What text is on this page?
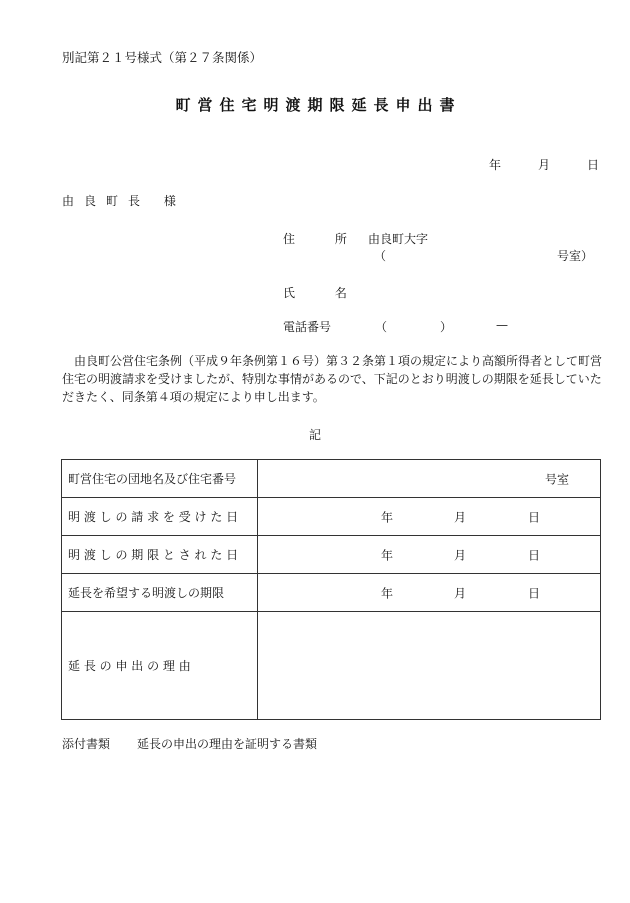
別記第２１号様式（第２７条関係）
町営住宅明渡期限延長申出書
年	月	日
由良町長 様
住 所 由良町大字
（	号室）
氏 名
電話番号	（	）	—
由良町公営住宅条例（平成９年条例第１６号）第３２条第１項の規定により高額所得者として町営住宅の明渡請求を受けましたが、特別な事情があるので、下記のとおり明渡しの期限を延長していただきたく、同条第４項の規定により申し出ます。
記
町営住宅の団地名及び住宅番号	号室

明 渡 し の 請 求 を 受 け た 日	年 月 日

明 渡 し の 期 限 と さ れ た 日	年 月 日

延長を希望する明渡しの期限	年 月 日

延 長 の 申 出 の 理 由	
添付書類 延長の申出の理由を証明する書類
